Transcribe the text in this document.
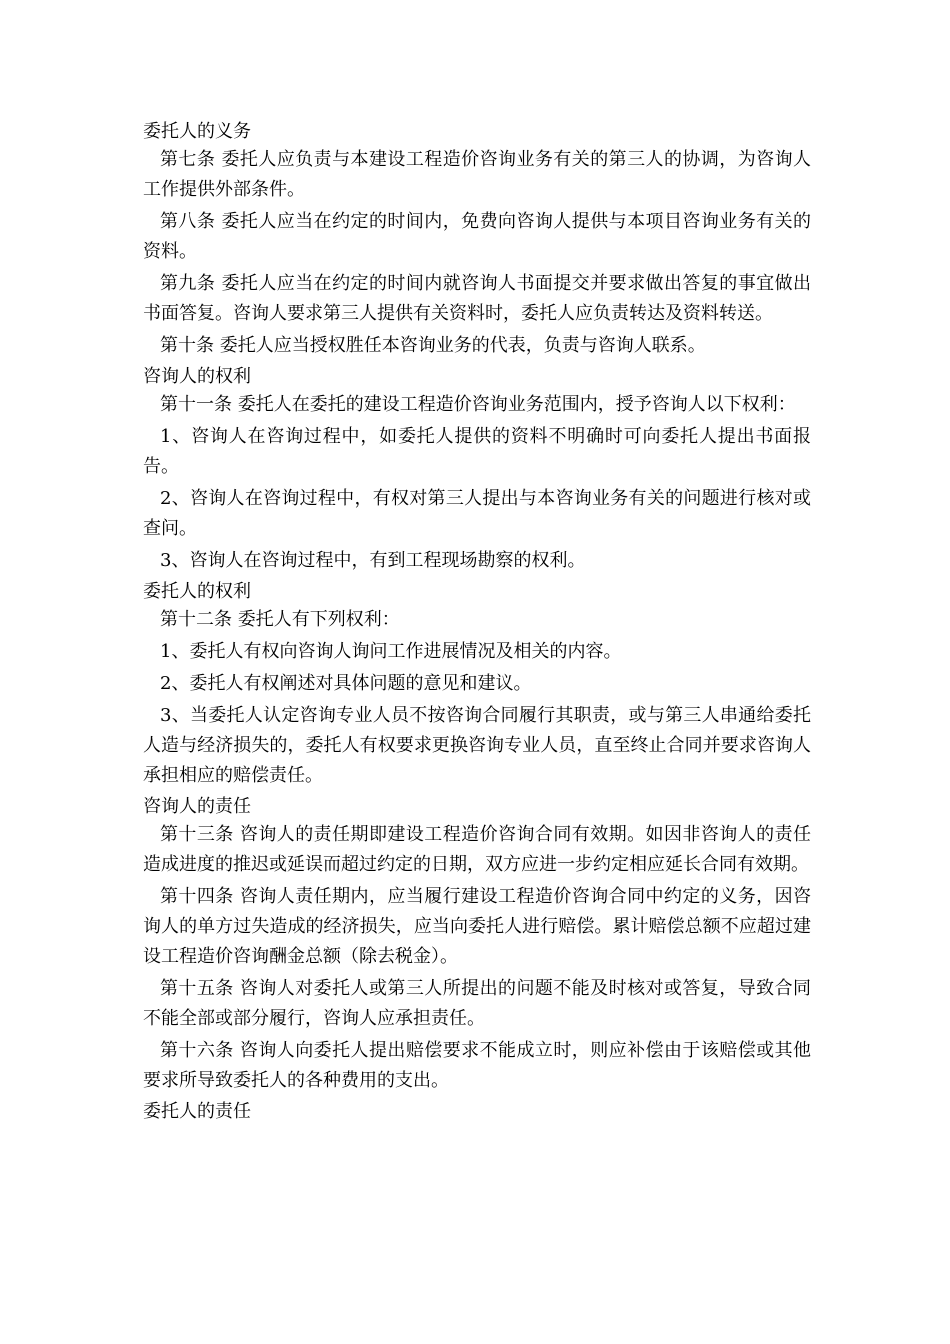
委托人的义务

第七条 委托人应负责与本建设工程造价咨询业务有关的第三人的协调，为咨询人工作提供外部条件。

第八条 委托人应当在约定的时间内，免费向咨询人提供与本项目咨询业务有关的资料。

第九条 委托人应当在约定的时间内就咨询人书面提交并要求做出答复的事宜做出书面答复。咨询人要求第三人提供有关资料时，委托人应负责转达及资料转送。

第十条 委托人应当授权胜任本咨询业务的代表，负责与咨询人联系。

咨询人的权利

第十一条 委托人在委托的建设工程造价咨询业务范围内，授予咨询人以下权利：

1、咨询人在咨询过程中，如委托人提供的资料不明确时可向委托人提出书面报告。

2、咨询人在咨询过程中，有权对第三人提出与本咨询业务有关的问题进行核对或查问。

3、咨询人在咨询过程中，有到工程现场勘察的权利。

委托人的权利

第十二条 委托人有下列权利：

1、委托人有权向咨询人询问工作进展情况及相关的内容。

2、委托人有权阐述对具体问题的意见和建议。

3、当委托人认定咨询专业人员不按咨询合同履行其职责，或与第三人串通给委托人造与经济损失的，委托人有权要求更换咨询专业人员，直至终止合同并要求咨询人承担相应的赔偿责任。

咨询人的责任

第十三条 咨询人的责任期即建设工程造价咨询合同有效期。如因非咨询人的责任造成进度的推迟或延误而超过约定的日期，双方应进一步约定相应延长合同有效期。

第十四条 咨询人责任期内，应当履行建设工程造价咨询合同中约定的义务，因咨询人的单方过失造成的经济损失，应当向委托人进行赔偿。累计赔偿总额不应超过建设工程造价咨询酬金总额（除去税金）。

第十五条 咨询人对委托人或第三人所提出的问题不能及时核对或答复，导致合同不能全部或部分履行，咨询人应承担责任。

第十六条 咨询人向委托人提出赔偿要求不能成立时，则应补偿由于该赔偿或其他要求所导致委托人的各种费用的支出。

委托人的责任
